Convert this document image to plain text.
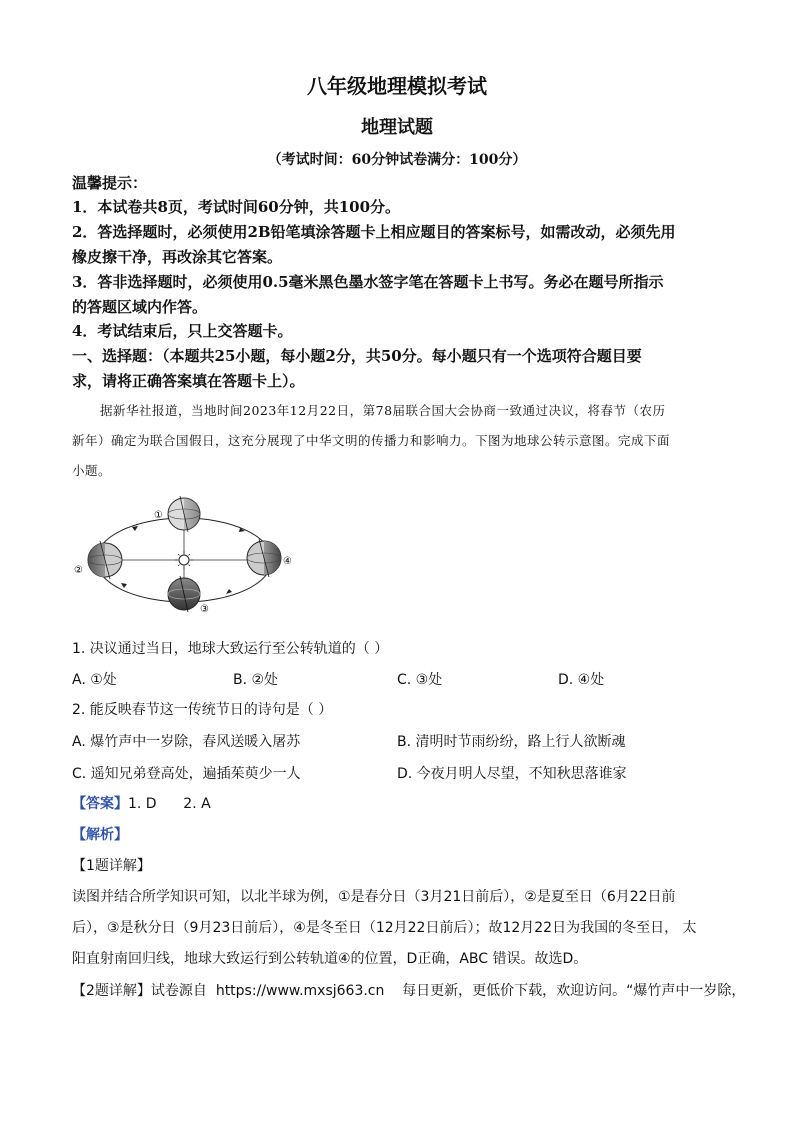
八年级地理模拟考试
地理试题
（考试时间：60分钟试卷满分：100分）
温馨提示：
1．本试卷共8页，考试时间60分钟，共100分。
2．答选择题时，必须使用2B铅笔填涂答题卡上相应题目的答案标号，如需改动，必须先用
橡皮擦干净，再改涂其它答案。
3．答非选择题时，必须使用0.5毫米黑色墨水签字笔在答题卡上书写。务必在题号所指示
的答题区域内作答。
4．考试结束后，只上交答题卡。
一、选择题：（本题共25小题，每小题2分，共50分。每小题只有一个选项符合题目要
求，请将正确答案填在答题卡上）。
据新华社报道，当地时间2023年12月22日，第78届联合国大会协商一致通过决议，将春节（农历
新年）确定为联合国假日，这充分展现了中华文明的传播力和影响力。下图为地球公转示意图。完成下面
小题。
①
②
③
④
1. 决议通过当日，地球大致运行至公转轨道的（ ）
A. ①处	B. ②处	C. ③处	D. ④处
2. 能反映春节这一传统节日的诗句是（ ）
A. 爆竹声中一岁除，春风送暖入屠苏	B. 清明时节雨纷纷，路上行人欲断魂
C. 遥知兄弟登高处，遍插茱萸少一人	D. 今夜月明人尽望，不知秋思落谁家
【答案】1. D      2. A
【解析】
【1题详解】
读图并结合所学知识可知，以北半球为例，①是春分日（3月21日前后），②是夏至日（6月22日前
后），③是秋分日（9月23日前后），④是冬至日（12月22日前后）；故12月22日为我国的冬至日， 太
阳直射南回归线，地球大致运行到公转轨道④的位置，D正确，ABC 错误。故选D。
【2题详解】试卷源自  https://www.mxsj663.cn    每日更新，更低价下载，欢迎访问。“爆竹声中一岁除，
